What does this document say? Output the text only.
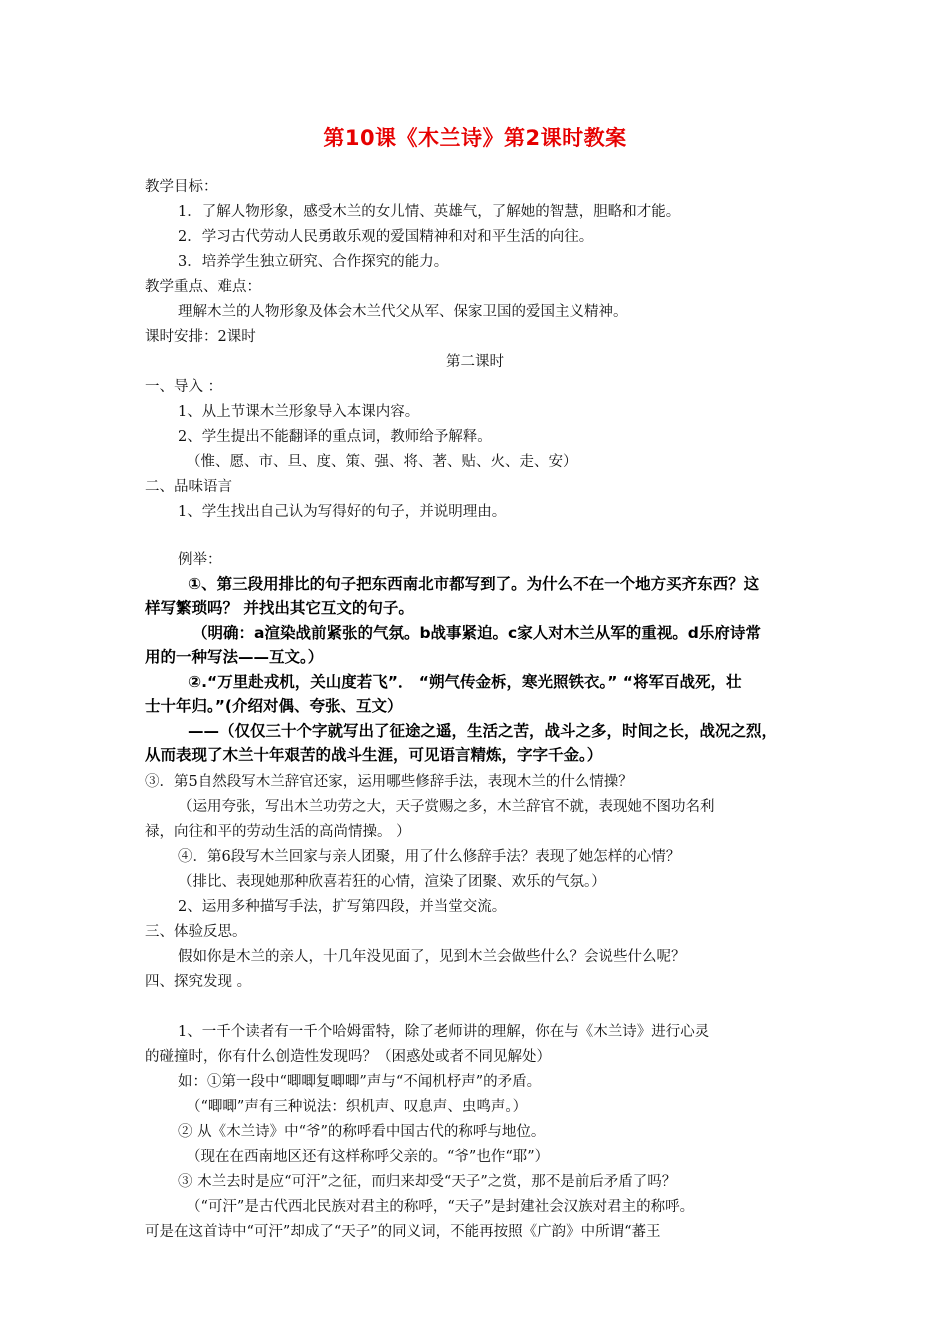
第10课《木兰诗》第2课时教案
教学目标：
1．了解人物形象，感受木兰的女儿情、英雄气，了解她的智慧，胆略和才能。
2．学习古代劳动人民勇敢乐观的爱国精神和对和平生活的向往。
3．培养学生独立研究、合作探究的能力。
教学重点、难点：
理解木兰的人物形象及体会木兰代父从军、保家卫国的爱国主义精神。
课时安排：2课时
第二课时
一、导入 ：
1、从上节课木兰形象导入本课内容。
2、学生提出不能翻译的重点词，教师给予解释。
（惟、愿、市、旦、度、策、强、将、著、贴、火、走、安）
二、品味语言
1、学生找出自己认为写得好的句子，并说明理由。
例举：
①、第三段用排比的句子把东西南北市都写到了。为什么不在一个地方买齐东西？这
样写繁琐吗？ 并找出其它互文的句子。
（明确：a渲染战前紧张的气氛。b战事紧迫。c家人对木兰从军的重视。d乐府诗常
用的一种写法——互文。）
②.“万里赴戎机，关山度若飞”． “朔气传金柝，寒光照铁衣。” “将军百战死，壮
士十年归。”(介绍对偶、夸张、互文）
——（仅仅三十个字就写出了征途之遥，生活之苦，战斗之多，时间之长，战况之烈，
从而表现了木兰十年艰苦的战斗生涯，可见语言精炼，字字千金。）
③．第5自然段写木兰辞官还家，运用哪些修辞手法，表现木兰的什么情操？
（运用夸张，写出木兰功劳之大，天子赏赐之多，木兰辞官不就，表现她不图功名利
禄，向往和平的劳动生活的高尚情操。 ）
④．第6段写木兰回家与亲人团聚，用了什么修辞手法？表现了她怎样的心情？
（排比、表现她那种欣喜若狂的心情，渲染了团聚、欢乐的气氛。）
2、运用多种描写手法，扩写第四段，并当堂交流。
三、体验反思。
假如你是木兰的亲人，十几年没见面了，见到木兰会做些什么？会说些什么呢？
四、探究发现 。
1、一千个读者有一千个哈姆雷特，除了老师讲的理解，你在与《木兰诗》进行心灵
的碰撞时，你有什么创造性发现吗？（困惑处或者不同见解处）
如：①第一段中“唧唧复唧唧”声与“不闻机杼声”的矛盾。
（“唧唧”声有三种说法：织机声、叹息声、虫鸣声。）
② 从《木兰诗》中“爷”的称呼看中国古代的称呼与地位。
（现在在西南地区还有这样称呼父亲的。“爷”也作“耶”）
③ 木兰去时是应“可汗”之征，而归来却受“天子”之赏，那不是前后矛盾了吗？
（“可汗”是古代西北民族对君主的称呼，“天子”是封建社会汉族对君主的称呼。
可是在这首诗中“可汗”却成了“天子”的同义词，不能再按照《广韵》中所谓“蕃王
